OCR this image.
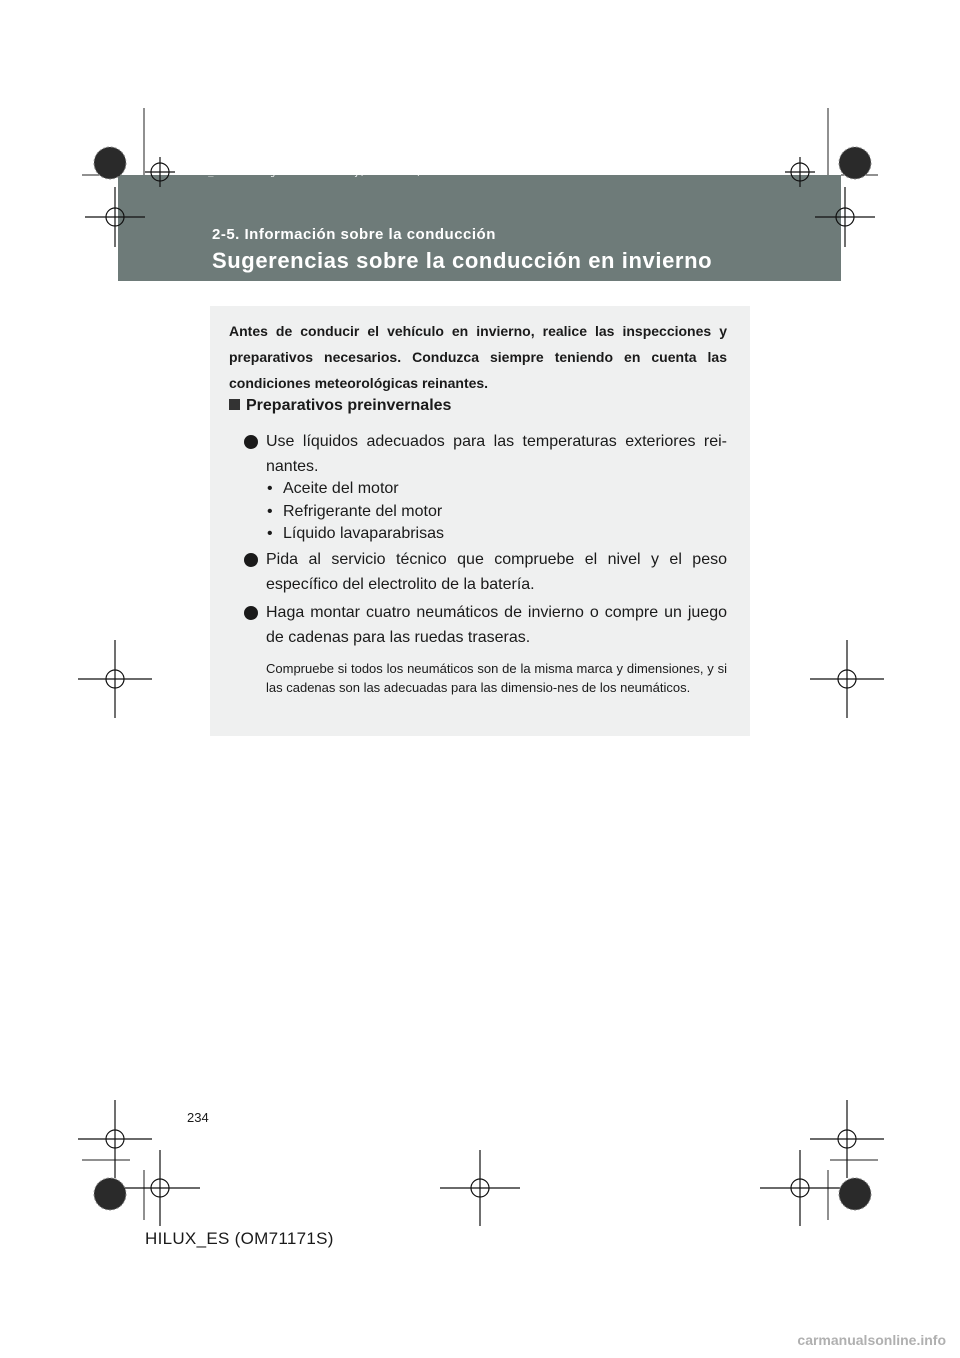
HILUX_ES.book Page 234 Wednesday, March 23, 2011 4:15 PM
2-5. Información sobre la conducción
Sugerencias sobre la conducción en invierno

Antes de conducir el vehículo en invierno, realice las inspecciones y preparativos necesarios. Conduzca siempre teniendo en cuenta las condiciones meteorológicas reinantes.

Preparativos preinvernales
Use líquidos adecuados para las temperaturas exteriores rei-nantes.
• Aceite del motor
• Refrigerante del motor
• Líquido lavaparabrisas
Pida al servicio técnico que compruebe el nivel y el peso específico del electrolito de la batería.
Haga montar cuatro neumáticos de invierno o compre un juego de cadenas para las ruedas traseras.

Compruebe si todos los neumáticos son de la misma marca y dimensiones, y si las cadenas son las adecuadas para las dimensio-nes de los neumáticos.

234
HILUX_ES (OM71171S)
carmanualsonline.info
